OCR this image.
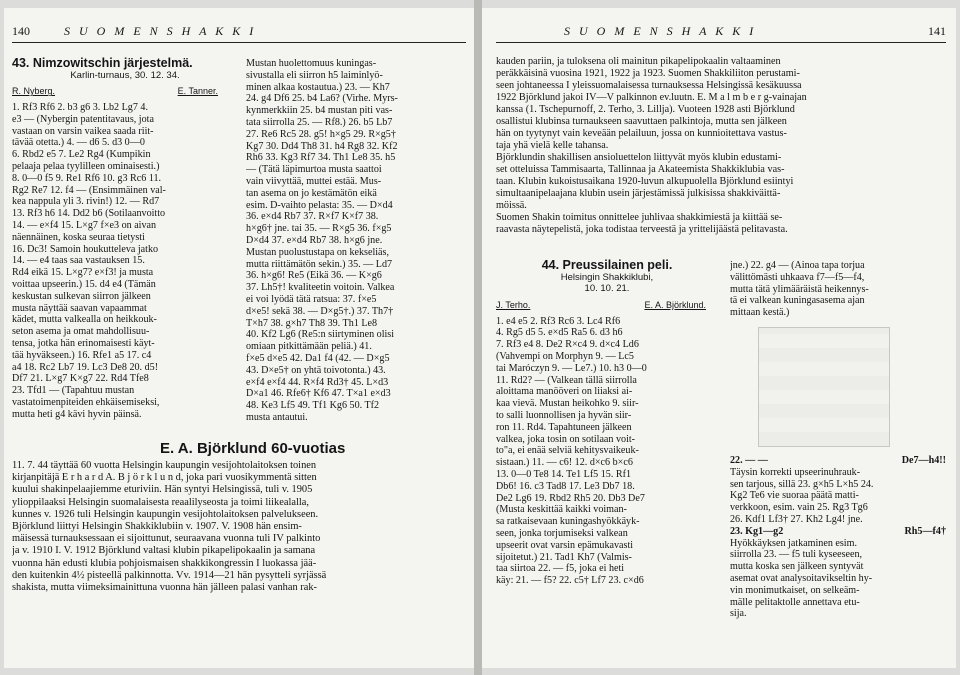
140	S U O M E N S H A K K I

43. Nimzowitschin järjestelmä.

Karlin-turnaus, 30. 12. 34.

R. Nyberg.	E. Tanner.

1. Rf3 Rf6 2. b3 g6 3. Lb2 Lg7 4.

e3 — (Nybergin patentitavaus, jota

vastaan on varsin vaikea saada riit-

tävää otetta.) 4. — d6 5. d3 0—0

6. Rbd2 e5 7. Le2 Rg4 (Kumpikin

pelaaja pelaa tyylilleen ominaisesti.)

8. 0—0 f5 9. Re1 Rf6 10. g3 Rc6 11.

Rg2 Re7 12. f4 — (Ensimmäinen val-

kea nappula yli 3. rivin!) 12. — Rd7

13. Rf3 h6 14. Dd2 b6 (Sotilaanvoitto

14. — e×f4 15. L×g7 f×e3 on aivan

näennäinen, koska seuraa tietysti

16. Dc3! Samoin houkutteleva jatko

14. — e4 taas saa vastauksen 15.

Rd4 eikä 15. L×g7? e×f3! ja musta

voittaa upseerin.) 15. d4 e4 (Tämän

keskustan sulkevan siirron jälkeen

musta näyttää saavan vapaammat

kädet, mutta valkealla on heikkouk-

seton asema ja omat mahdollisuu-

tensa, jotka hän erinomaisesti käyt-

tää hyväkseen.) 16. Rfe1 a5 17. c4

a4 18. Rc2 Lb7 19. Lc3 De8 20. d5!

Df7 21. L×g7 K×g7 22. Rd4 Tfe8

23. Tfd1 — (Tapahtuu mustan

vastatoimenpiteiden ehkäisemiseksi,

mutta heti g4 kävi hyvin päinsä.

Mustan huolettomuus kuningas-

sivustalla eli siirron h5 laiminlyö-

minen alkaa kostautua.) 23. — Kh7

24. g4 Df6 25. b4 La6? (Virhe. Myrs-

kynmerkkiin 25. b4 mustan piti vas-

tata siirrolla 25. — Rf8.) 26. b5 Lb7

27. Re6 Rc5 28. g5! h×g5 29. R×g5†

Kg7 30. Dd4 Th8 31. h4 Rg8 32. Kf2

Rh6 33. Kg3 Rf7 34. Th1 Le8 35. h5

— (Tätä läpimurtoa musta saattoi

vain viivyttää, muttei estää. Mus-

tan asema on jo kestämätön eikä

esim. D-vaihto pelasta: 35. — D×d4

36. e×d4 Rb7 37. R×f7 K×f7 38.

h×g6† jne. tai 35. — R×g5 36. f×g5

D×d4 37. e×d4 Rb7 38. h×g6 jne.

Mustan puolustustapa on kekseliäs,

mutta riittämätön sekin.) 35. — Ld7

36. h×g6! Re5 (Eikä 36. — K×g6

37. Lh5†! kvaliteetin voitoin. Valkea

ei voi lyödä tätä ratsua: 37. f×e5

d×e5! sekä 38. — D×g5†.) 37. Th7†

T×h7 38. g×h7 Th8 39. Th1 Le8

40. Kf2 Lg6 (Re5:n siirtyminen olisi

omiaan pitkittämään peliä.) 41.

f×e5 d×e5 42. Da1 f4 (42. — D×g5

43. D×e5† on yhtä toivotonta.) 43.

e×f4 e×f4 44. R×f4 Rd3† 45. L×d3

D×a1 46. Rfe6† Kf6 47. T×a1 e×d3

48. Ke3 Lf5 49. Tf1 Kg6 50. Tf2

musta antautui.

E. A. Björklund 60-vuotias

11. 7. 44 täyttää 60 vuotta Helsingin kaupungin vesijohtolaitoksen toinen

kirjanpitäjä E r h a r d A. B j ö r k l u n d, joka pari vuosikymmentä sitten

kuului shakinpelaajiemme eturiviin. Hän syntyi Helsingissä, tuli v. 1905

ylioppilaaksi Helsingin suomalaisesta reaalilyseosta ja toimi liikealalla,

kunnes v. 1926 tuli Helsingin kaupungin vesijohtolaitoksen palvelukseen.

Björklund liittyi Helsingin Shakkiklubiin v. 1907. V. 1908 hän ensim-

mäisessä turnauksessaan ei sijoittunut, seuraavana vuonna tuli IV palkinto

ja v. 1910 I. V. 1912 Björklund valtasi klubin pikapelipokaalin ja samana

vuonna hän edusti klubia pohjoismaisen shakkikongressin I luokassa jää-

den kuitenkin 4½ pisteellä palkinnotta. Vv. 1914—21 hän pysytteli syrjässä

shakista, mutta viimeksimainittuna vuonna hän jälleen palasi vanhan rak-

S U O M E N S H A K K I	141

kauden pariin, ja tuloksena oli mainitun pikapelipokaalin valtaaminen

peräkkäisinä vuosina 1921, 1922 ja 1923. Suomen Shakkiliiton perustami-

seen johtaneessa I yleissuomalaisessa turnauksessa Helsingissä kesäkuussa

1922 Björklund jakoi IV—V palkinnon ev.luutn. E. M a l m b e r g-vainajan

kanssa (1. Tschepurnoff, 2. Terho, 3. Lillja). Vuoteen 1928 asti Björklund

osallistui klubinsa turnaukseen saavuttaen palkintoja, mutta sen jälkeen

hän on tyytynyt vain keveään pelailuun, jossa on kunnioitettava vastus-

taja yhä vielä kelle tahansa.

Björklundin shakillisen ansioluettelon liittyvät myös klubin edustami-

set otteluissa Tammisaarta, Tallinnaa ja Akateemista Shakkiklubia vas-

taan. Klubin kukoistusaikana 1920-luvun alkupuolella Björklund esiintyi

simultaanipelaajana klubin usein järjestämissä julkisissa shakkiväittä-

möissä.

Suomen Shakin toimitus onnittelee juhlivaa shakkimiestä ja kiittää se-

raavasta näytepelistä, joka todistaa terveestä ja yrittelijäästä pelitavasta.

44. Preussilainen peli.

Helsingin Shakkiklubi,

10. 10. 21.

J. Terho.	E. A. Björklund.

1. e4 e5 2. Rf3 Rc6 3. Lc4 Rf6

4. Rg5 d5 5. e×d5 Ra5 6. d3 h6

7. Rf3 e4 8. De2 R×c4 9. d×c4 Ld6

(Vahvempi on Morphyn 9. — Lc5

tai Maróczyn 9. — Le7.) 10. h3 0—0

11. Rd2? — (Valkean tällä siirrolla

aloittama manööveri on liiaksi ai-

kaa vievä. Mustan heikohko 9. siir-

to salli luonnollisen ja hyvän siir-

ron 11. Rd4. Tapahtuneen jälkeen

valkea, joka tosin on sotilaan voit-

to"a, ei enää selviä kehitysvaikeuk-

sistaan.) 11. — c6! 12. d×c6 b×c6

13. 0—0 Te8 14. Te1 Lf5 15. Rf1

Db6! 16. c3 Tad8 17. Le3 Db7 18.

De2 Lg6 19. Rbd2 Rh5 20. Db3 De7

(Musta keskittää kaikki voiman-

sa ratkaisevaan kuningashyökkäyk-

seen, jonka torjumiseksi valkean

upseerit ovat varsin epämukavasti

sijoitetut.) 21. Tad1 Kh7 (Valmis-

taa siirtoa 22. — f5, joka ei heti

käy: 21. — f5? 22. c5† Lf7 23. c×d6

jne.) 22. g4 — (Ainoa tapa torjua

välittömästi uhkaava f7—f5—f4,

mutta tätä ylimääräistä heikennys-

tä ei valkean kuningasasema ajan

mittaan kestä.)

22. — —	De7—h4!!

Täysin korrekti upseerinuhrauk-

sen tarjous, sillä 23. g×h5 L×h5 24.

Kg2 Te6 vie suoraa päätä matti-

verkkoon, esim. vain 25. Rg3 Tg6

26. Kdf1 Lf3† 27. Kh2 Lg4! jne.

23. Kg1—g2	Rh5—f4†

Hyökkäyksen jatkaminen esim.

siirrolla 23. — f5 tuli kyseeseen,

mutta koska sen jälkeen syntyvät

asemat ovat analysoitavikseltin hy-

vin monimutkaiset, on selkeäm-

mälle pelitaktolle annettava etu-

sija.
